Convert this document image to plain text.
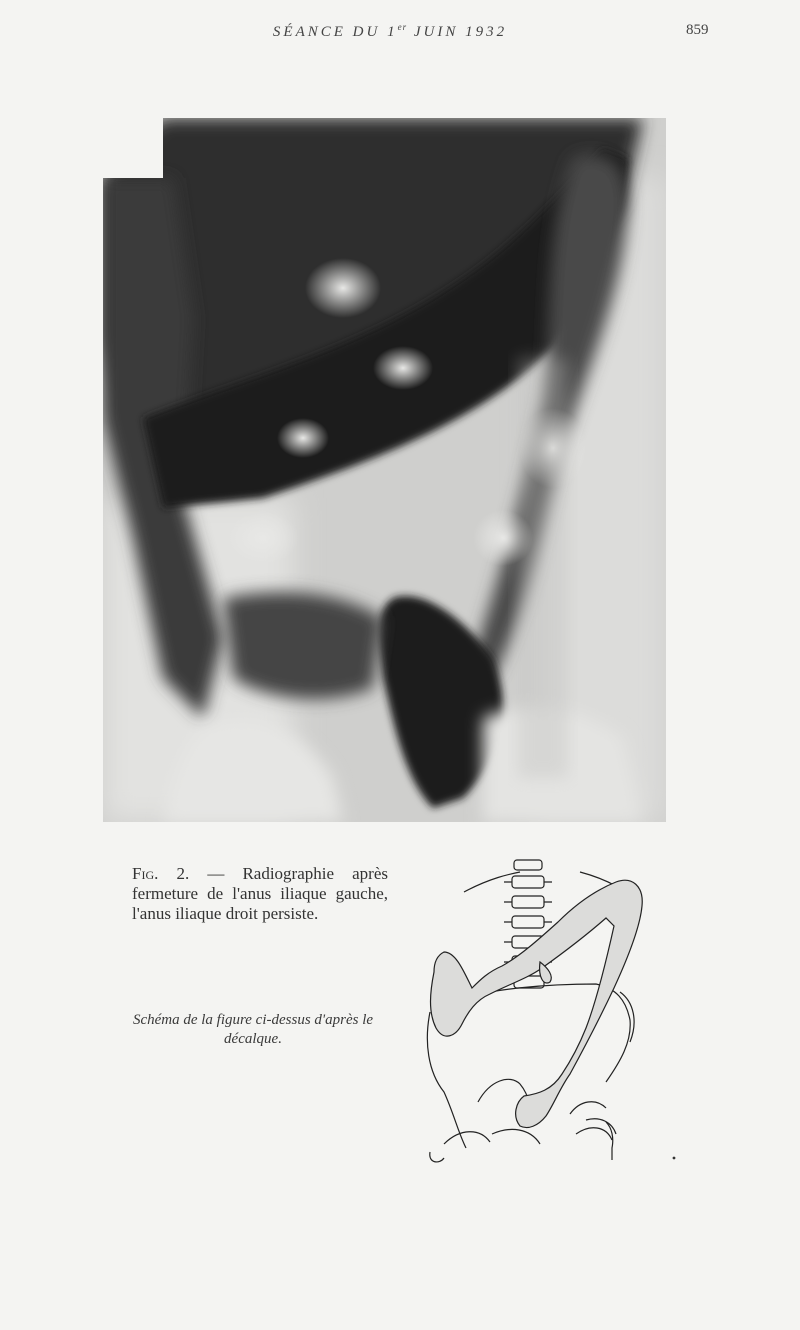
SÉANCE DU 1er JUIN 1932	859
Fig. 2. — Radiographie après fermeture de l'anus iliaque gauche, l'anus iliaque droit persiste.
Schéma de la figure ci-dessus d'après le décalque.
